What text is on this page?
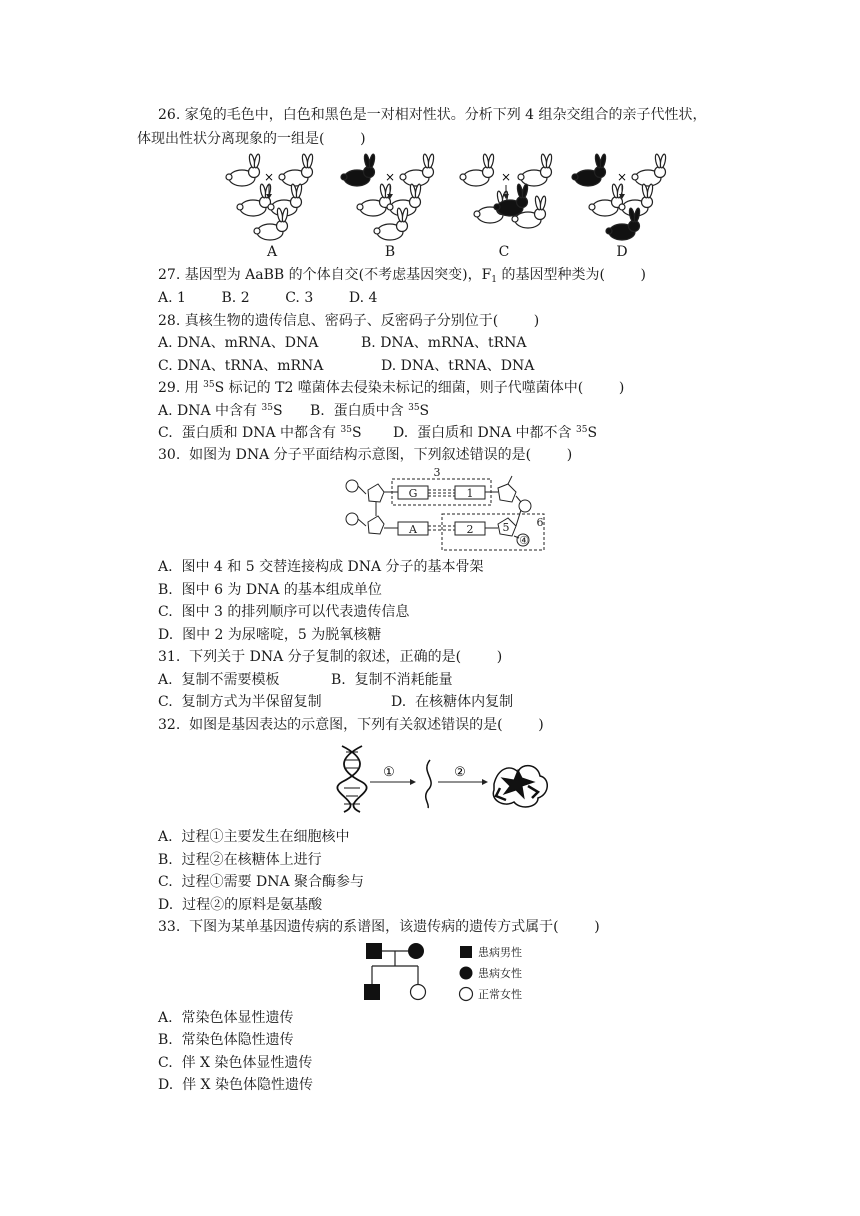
26. 家兔的毛色中，白色和黑色是一对相对性状。分析下列 4 组杂交组合的亲子代性状，
体现出性状分离现象的一组是(        )
×	×	×	×
A	B	C	D
27. 基因型为 AaBB 的个体自交(不考虑基因突变)，$F_1$ 的基因型种类为(        )
A. 1        B. 2        C. 3        D. 4
28. 真核生物的遗传信息、密码子、反密码子分别位于(        )
A. DNA、mRNA、DNA	B. DNA、mRNA、tRNA
C. DNA、tRNA、mRNA	D. DNA、tRNA、DNA
29. 用 $^{35}$S 标记的 T2 噬菌体去侵染未标记的细菌，则子代噬菌体中(        )
A. DNA 中含有 $^{35}$S B.  蛋白质中含 $^{35}$S
C.  蛋白质和 DNA 中都含有 $^{35}$S D.  蛋白质和 DNA 中都不含 $^{35}$S
30.  如图为 DNA 分子平面结构示意图，下列叙述错误的是(        )
G
A
1
2
3
5 6
④
A.  图中 4 和 5 交替连接构成 DNA 分子的基本骨架
B.  图中 6 为 DNA 的基本组成单位
C.  图中 3 的排列顺序可以代表遗传信息
D.  图中 2 为尿嘧啶，5 为脱氧核糖
31.  下列关于 DNA 分子复制的叙述，正确的是(        )
A.  复制不需要模板	B.  复制不消耗能量
C.  复制方式为半保留复制	D.  在核糖体内复制
32.  如图是基因表达的示意图，下列有关叙述错误的是(        )
①	②
A.  过程①主要发生在细胞核中
B.  过程②在核糖体上进行
C.  过程①需要 DNA 聚合酶参与
D.  过程②的原料是氨基酸
33.  下图为某单基因遗传病的系谱图，该遗传病的遗传方式属于(        )
患病男性
患病女性
正常女性
A.  常染色体显性遗传
B.  常染色体隐性遗传
C.  伴 X 染色体显性遗传
D.  伴 X 染色体隐性遗传
